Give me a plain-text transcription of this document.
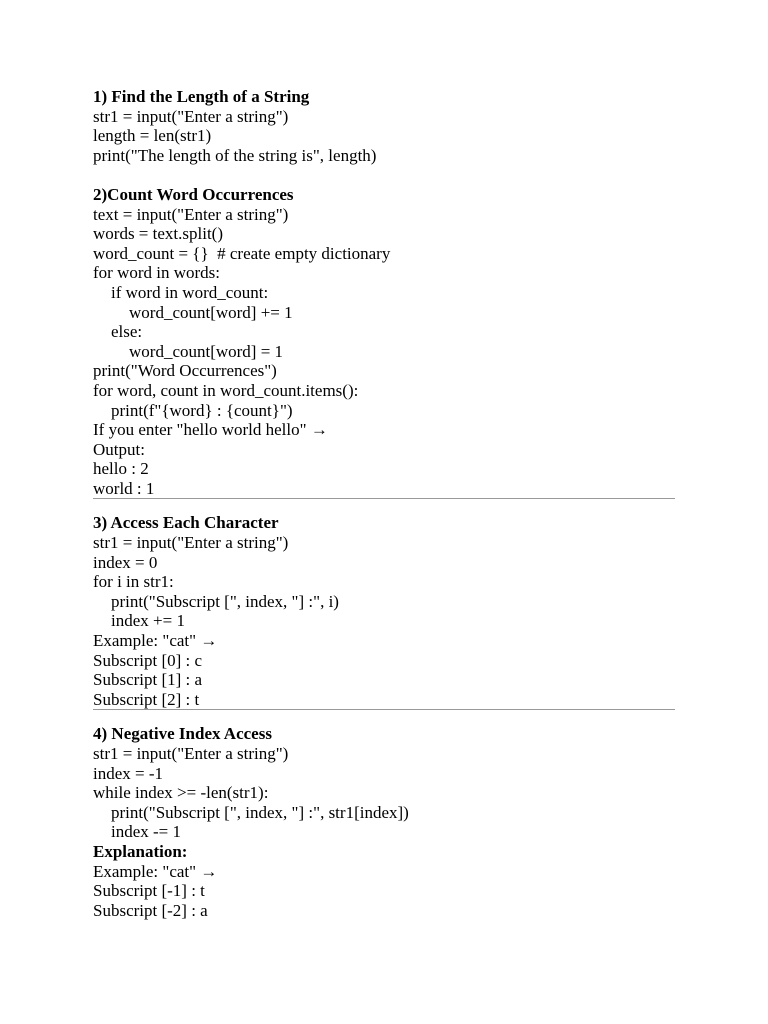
1) Find the Length of a String
str1 = input("Enter a string")
length = len(str1)
print("The length of the string is", length)
2)Count Word Occurrences
text = input("Enter a string")
words = text.split()
word_count = {}  # create empty dictionary
for word in words:
if word in word_count:
word_count[word] += 1
else:
word_count[word] = 1
print("Word Occurrences")
for word, count in word_count.items():
print(f"{word} : {count}")
If you enter "hello world hello" →
Output:
hello : 2
world : 1
3) Access Each Character
str1 = input("Enter a string")
index = 0
for i in str1:
print("Subscript [", index, "] :", i)
index += 1
Example: "cat" →
Subscript [0] : c
Subscript [1] : a
Subscript [2] : t
4) Negative Index Access
str1 = input("Enter a string")
index = -1
while index >= -len(str1):
print("Subscript [", index, "] :", str1[index])
index -= 1
Explanation:
Example: "cat" →
Subscript [-1] : t
Subscript [-2] : a
